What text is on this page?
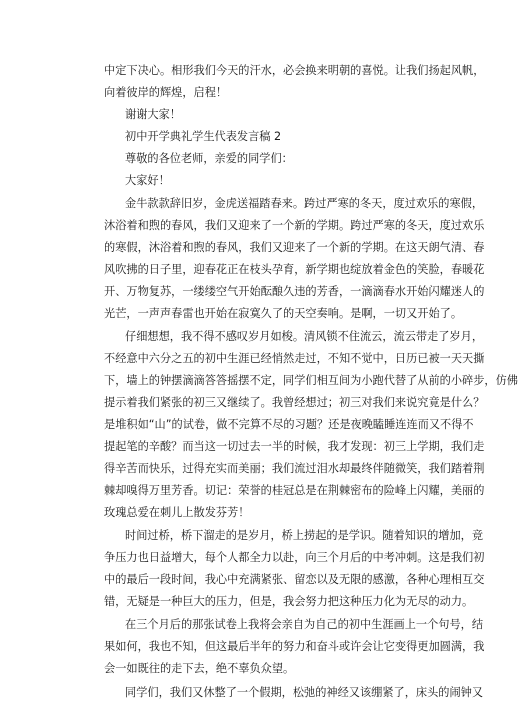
中定下决心。相形我们今天的汗水，必会换来明朝的喜悦。让我们扬起风帆，
向着彼岸的辉煌，启程！
谢谢大家！
初中开学典礼学生代表发言稿 2
尊敬的各位老师，亲爱的同学们：
大家好！
金牛款款辞旧岁，金虎送福踏春来。跨过严寒的冬天，度过欢乐的寒假，
沐浴着和煦的春风，我们又迎来了一个新的学期。跨过严寒的冬天，度过欢乐
的寒假，沐浴着和煦的春风，我们又迎来了一个新的学期。在这天朗气清、春
风吹拂的日子里，迎春花正在枝头孕育，新学期也绽放着金色的笑脸，春暖花
开、万物复苏，一缕缕空气开始酝酿久违的芳香，一滴滴春水开始闪耀迷人的
光芒，一声声春雷也开始在寂寞久了的天空奏响。是啊，一切又开始了。
仔细想想，我不得不感叹岁月如梭。清风锁不住流云，流云带走了岁月，
不经意中六分之五的初中生涯已经悄然走过，不知不觉中，日历已被一天天撕
下，墙上的钟摆滴滴答答摇摆不定，同学们相互间为小跑代替了从前的小碎步，仿佛
提示着我们紧张的初三又继续了。我曾经想过；初三对我们来说究竟是什么？
是堆积如“山”的试卷，做不完算不尽的习题？还是夜晚瞌睡连连而又不得不
提起笔的辛酸？而当这一切过去一半的时候，我才发现：初三上学期，我们走
得辛苦而快乐，过得充实而美丽；我们流过泪水却最终伴随微笑，我们踏着荆
棘却嗅得万里芳香。切记：荣誉的桂冠总是在荆棘密布的险峰上闪耀，美丽的
玫瑰总爱在刺儿上散发芬芳！
时间过桥，桥下溜走的是岁月，桥上捞起的是学识。随着知识的增加，竞
争压力也日益增大，每个人都全力以赴，向三个月后的中考冲刺。这是我们初
中的最后一段时间，我心中充满紧张、留恋以及无限的感激，各种心理相互交
错，无疑是一种巨大的压力，但是，我会努力把这种压力化为无尽的动力。
在三个月后的那张试卷上我将会亲自为自己的初中生涯画上一个句号，结
果如何，我也不知，但这最后半年的努力和奋斗或许会让它变得更加圆满，我
会一如既往的走下去，绝不辜负众望。
同学们，我们又休整了一个假期，松弛的神经又该绷紧了，床头的闹钟又
